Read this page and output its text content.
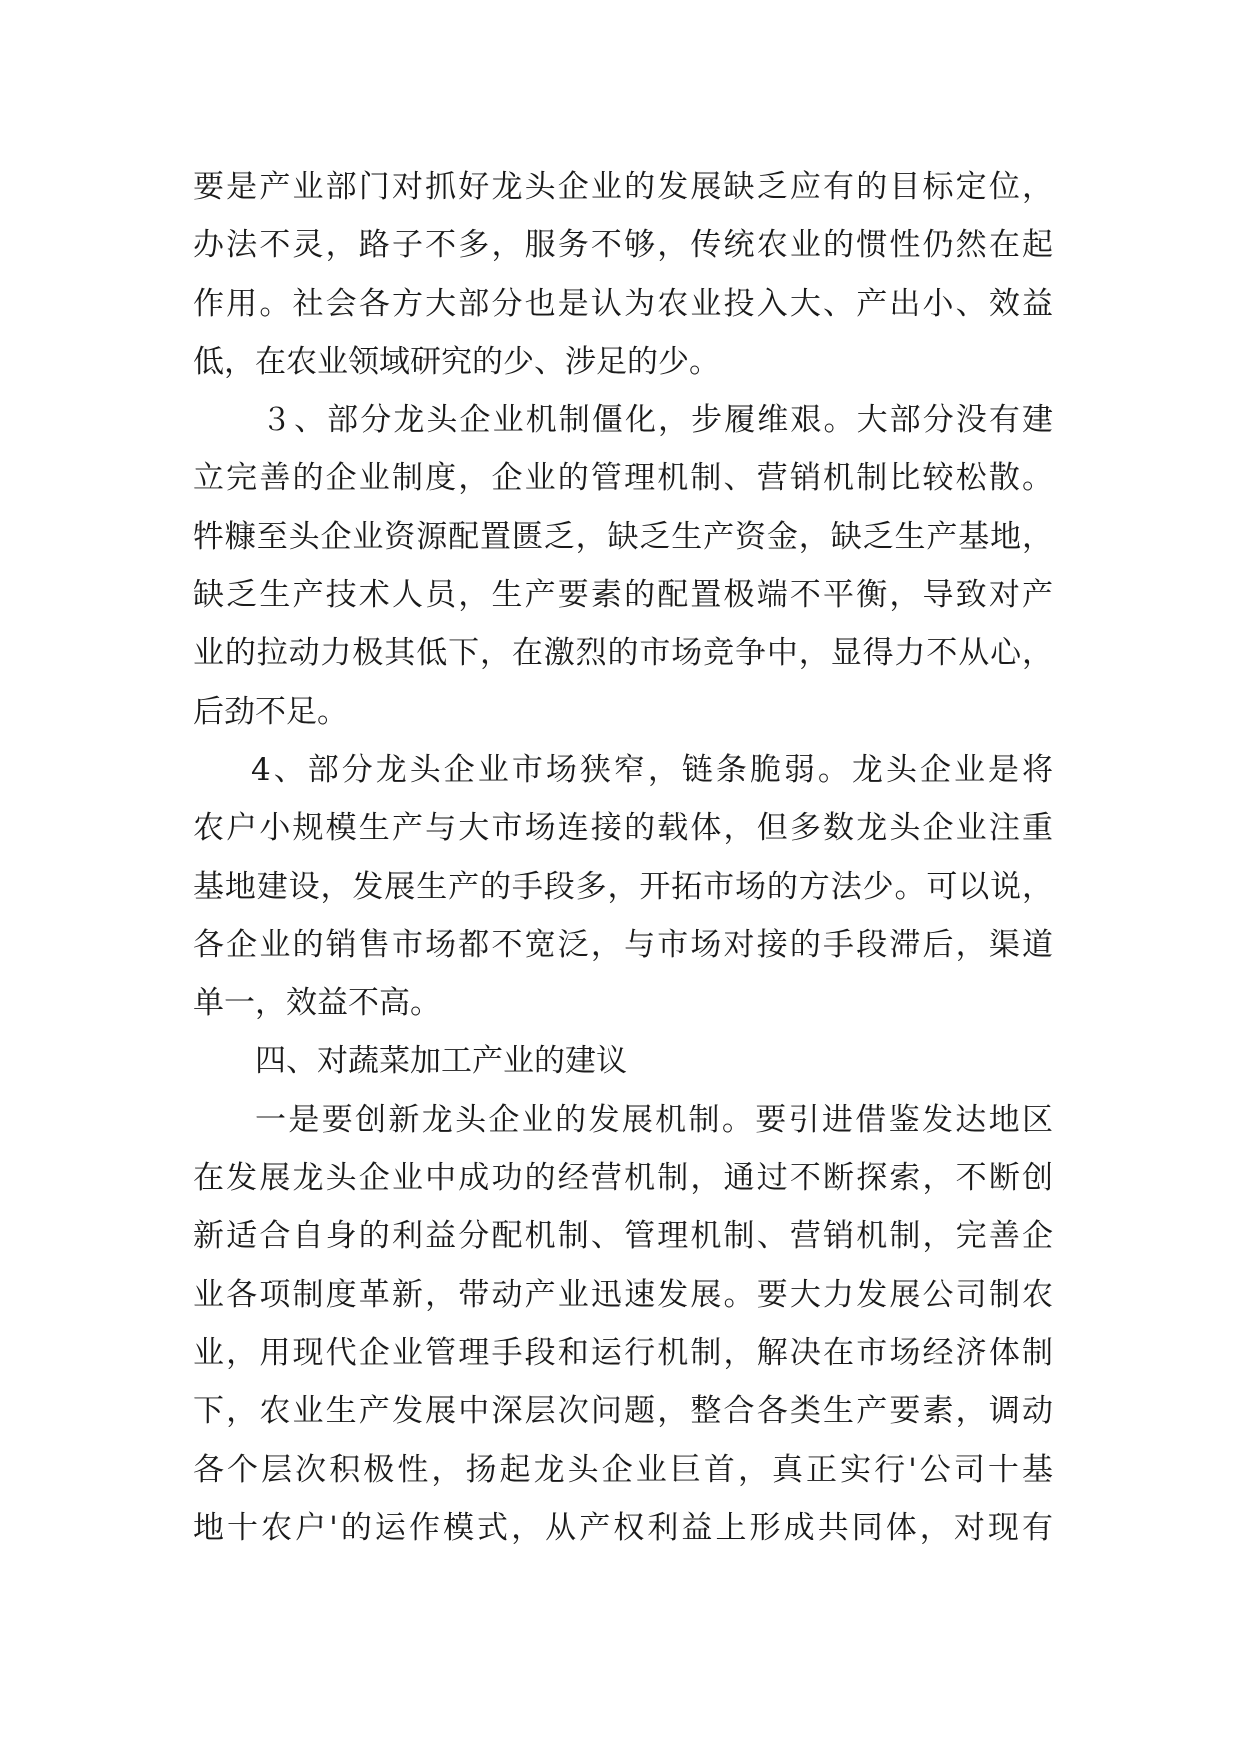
要是产业部门对抓好龙头企业的发展缺乏应有的目标定位，
办法不灵，路子不多，服务不够，传统农业的惯性仍然在起
作用。社会各方大部分也是认为农业投入大、产出小、效益
低，在农业领域研究的少、涉足的少。
３、部分龙头企业机制僵化，步履维艰。大部分没有建
立完善的企业制度，企业的管理机制、营销机制比较松散。
牪糠至头企业资源配置匮乏，缺乏生产资金，缺乏生产基地，
缺乏生产技术人员，生产要素的配置极端不平衡，导致对产
业的拉动力极其低下，在激烈的市场竞争中，显得力不从心，
后劲不足。
4、部分龙头企业市场狭窄，链条脆弱。龙头企业是将
农户小规模生产与大市场连接的载体，但多数龙头企业注重
基地建设，发展生产的手段多，开拓市场的方法少。可以说，
各企业的销售市场都不宽泛，与市场对接的手段滞后，渠道
单一，效益不高。
四、对蔬菜加工产业的建议
一是要创新龙头企业的发展机制。要引进借鉴发达地区
在发展龙头企业中成功的经营机制，通过不断探索，不断创
新适合自身的利益分配机制、管理机制、营销机制，完善企
业各项制度革新，带动产业迅速发展。要大力发展公司制农
业，用现代企业管理手段和运行机制，解决在市场经济体制
下，农业生产发展中深层次问题，整合各类生产要素，调动
各个层次积极性，扬起龙头企业巨首，真正实行'公司十基
地十农户'的运作模式，从产权利益上形成共同体，对现有
